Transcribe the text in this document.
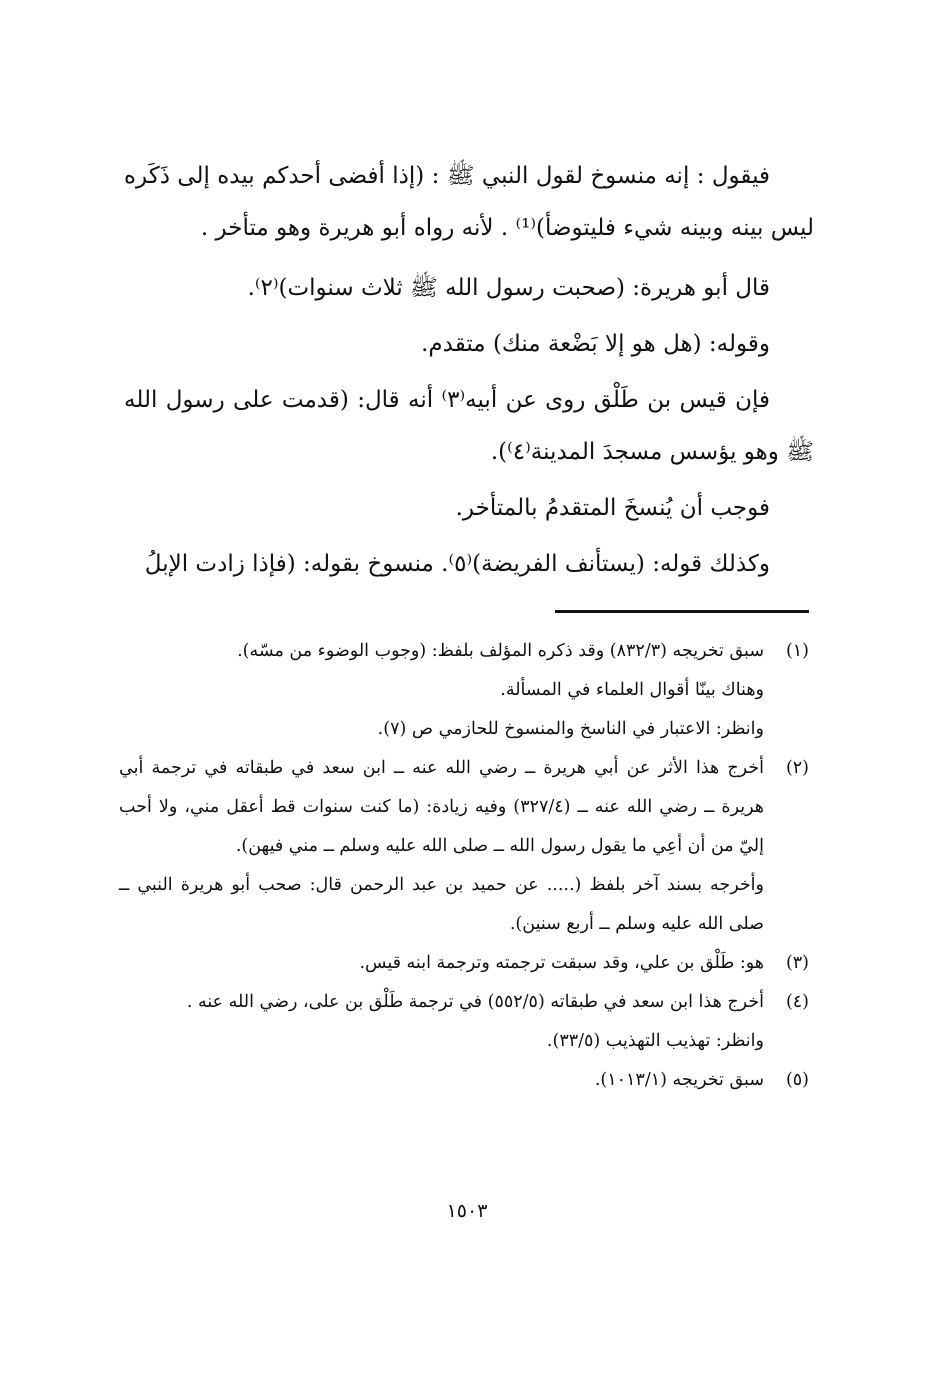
فيقول : إنه منسوخ لقول النبي ﷺ : (إذا أفضى أحدكم بيده إلى ذَكَره ليس بينه وبينه شيء فليتوضأ)⁽¹⁾ . لأنه رواه أبو هريرة وهو متأخر .

قال أبو هريرة: (صحبت رسول الله ﷺ ثلاث سنوات)⁽٢⁾.

وقوله: (هل هو إلا بَضْعة منك) متقدم.

فإن قيس بن طَلْق روى عن أبيه⁽٣⁾ أنه قال: (قدمت على رسول الله ﷺ وهو يؤسس مسجدَ المدينة⁽٤⁾).

فوجب أن يُنسخَ المتقدمُ بالمتأخر.

وكذلك قوله: (يستأنف الفريضة)⁽٥⁾. منسوخ بقوله: (فإذا زادت الإبلُ

(١)
سبق تخريجه (٨٣٢/٣) وقد ذكره المؤلف بلفظ: (وجوب الوضوء من مسّه).
وهناك بينّا أقوال العلماء في المسألة.
وانظر: الاعتبار في الناسخ والمنسوخ للحازمي ص (٧).
(٢)
أخرج هذا الأثر عن أبي هريرة ــ رضي الله عنه ــ ابن سعد في طبقاته في ترجمة أبي هريرة ــ رضي الله عنه ــ (٣٢٧/٤) وفيه زيادة: (ما كنت سنوات قط أعقل مني، ولا أحب إليّ من أن أعِي ما يقول رسول الله ــ صلى الله عليه وسلم ــ مني فيهن).
وأخرجه بسند آخر بلفظ (..... عن حميد بن عبد الرحمن قال: صحب أبو هريرة النبي ــ صلى الله عليه وسلم ــ أربع سنين).
(٣)
هو: طَلْق بن علي، وقد سبقت ترجمته وترجمة ابنه قيس.
(٤)
أخرج هذا ابن سعد في طبقاته (٥٥٢/٥) في ترجمة طَلْق بن على، رضي الله عنه .
وانظر: تهذيب التهذيب (٣٣/٥).
(٥)
سبق تخريجه (١٠١٣/١).
١٥٠٣
